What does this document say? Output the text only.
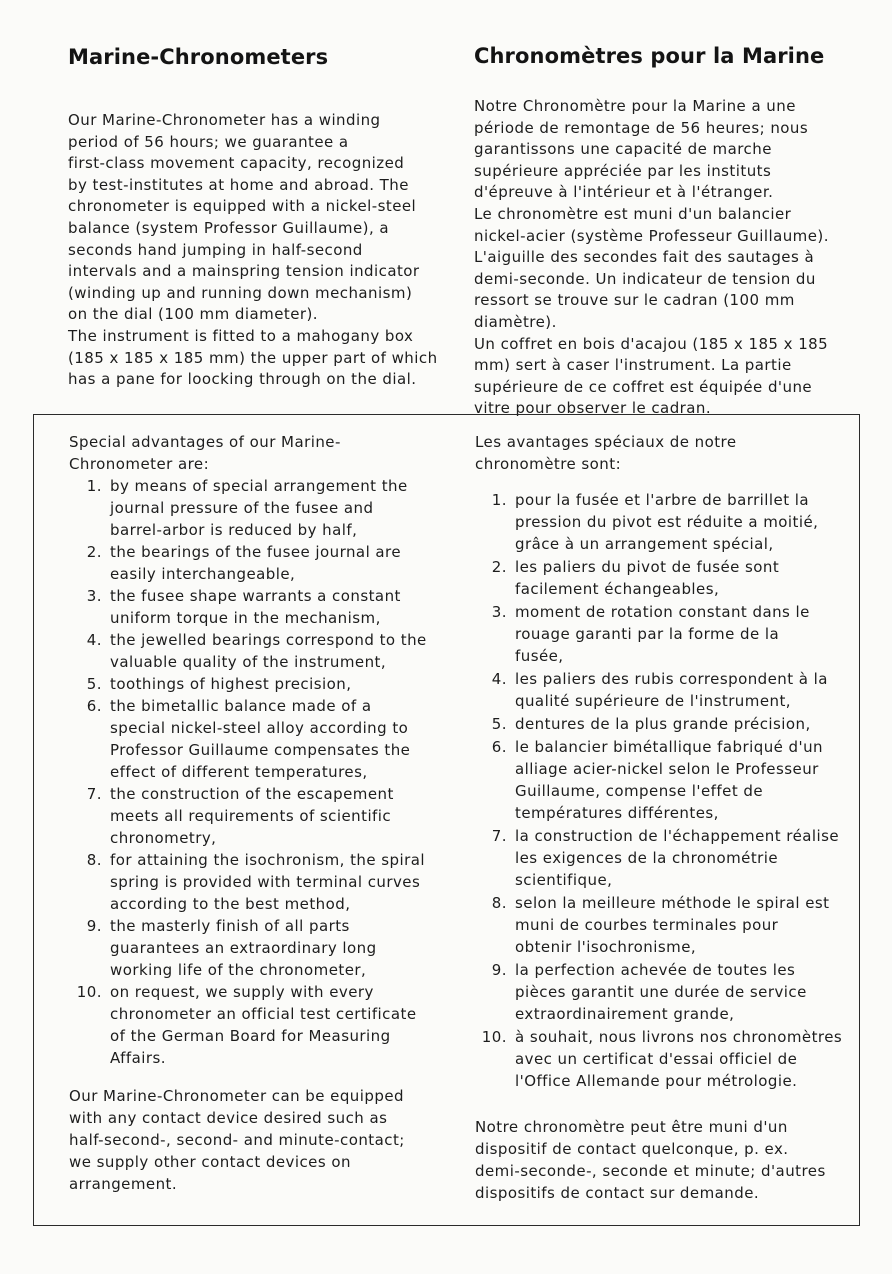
Marine-Chronometers	Chronomètres pour la Marine

Our Marine-Chronometer has a winding
period of 56 hours; we guarantee a
first-class movement capacity, recognized
by test-institutes at home and abroad. The
chronometer is equipped with a nickel-steel
balance (system Professor Guillaume), a
seconds hand jumping in half-second
intervals and a mainspring tension indicator
(winding up and running down mechanism)
on the dial (100 mm diameter).
The instrument is fitted to a mahogany box
(185 x 185 x 185 mm) the upper part of which
has a pane for loocking through on the dial.

Notre Chronomètre pour la Marine a une
période de remontage de 56 heures; nous
garantissons une capacité de marche
supérieure appréciée par les instituts
d'épreuve à l'intérieur et à l'étranger.
Le chronomètre est muni d'un balancier
nickel-acier (système Professeur Guillaume).
L'aiguille des secondes fait des sautages à
demi-seconde. Un indicateur de tension du
ressort se trouve sur le cadran (100 mm
diamètre).
Un coffret en bois d'acajou (185 x 185 x 185
mm) sert à caser l'instrument. La partie
supérieure de ce coffret est équipée d'une
vitre pour observer le cadran.

Special advantages of our Marine-
Chronometer are:

1. by means of special arrangement the
journal pressure of the fusee and
barrel-arbor is reduced by half,
2. the bearings of the fusee journal are
easily interchangeable,
3. the fusee shape warrants a constant
uniform torque in the mechanism,
4. the jewelled bearings correspond to the
valuable quality of the instrument,
5. toothings of highest precision,
6. the bimetallic balance made of a
special nickel-steel alloy according to
Professor Guillaume compensates the
effect of different temperatures,
7. the construction of the escapement
meets all requirements of scientific
chronometry,
8. for attaining the isochronism, the spiral
spring is provided with terminal curves
according to the best method,
9. the masterly finish of all parts
guarantees an extraordinary long
working life of the chronometer,
10. on request, we supply with every
chronometer an official test certificate
of the German Board for Measuring
Affairs.

Our Marine-Chronometer can be equipped
with any contact device desired such as
half-second-, second- and minute-contact;
we supply other contact devices on
arrangement.

Les avantages spéciaux de notre
chronomètre sont:

1. pour la fusée et l'arbre de barrillet la
pression du pivot est réduite a moitié,
grâce à un arrangement spécial,
2. les paliers du pivot de fusée sont
facilement échangeables,
3. moment de rotation constant dans le
rouage garanti par la forme de la
fusée,
4. les paliers des rubis correspondent à la
qualité supérieure de l'instrument,
5. dentures de la plus grande précision,
6. le balancier bimétallique fabriqué d'un
alliage acier-nickel selon le Professeur
Guillaume, compense l'effet de
températures différentes,
7. la construction de l'échappement réalise
les exigences de la chronométrie
scientifique,
8. selon la meilleure méthode le spiral est
muni de courbes terminales pour
obtenir l'isochronisme,
9. la perfection achevée de toutes les
pièces garantit une durée de service
extraordinairement grande,
10. à souhait, nous livrons nos chronomètres
avec un certificat d'essai officiel de
l'Office Allemande pour métrologie.

Notre chronomètre peut être muni d'un
dispositif de contact quelconque, p. ex.
demi-seconde-, seconde et minute; d'autres
dispositifs de contact sur demande.
